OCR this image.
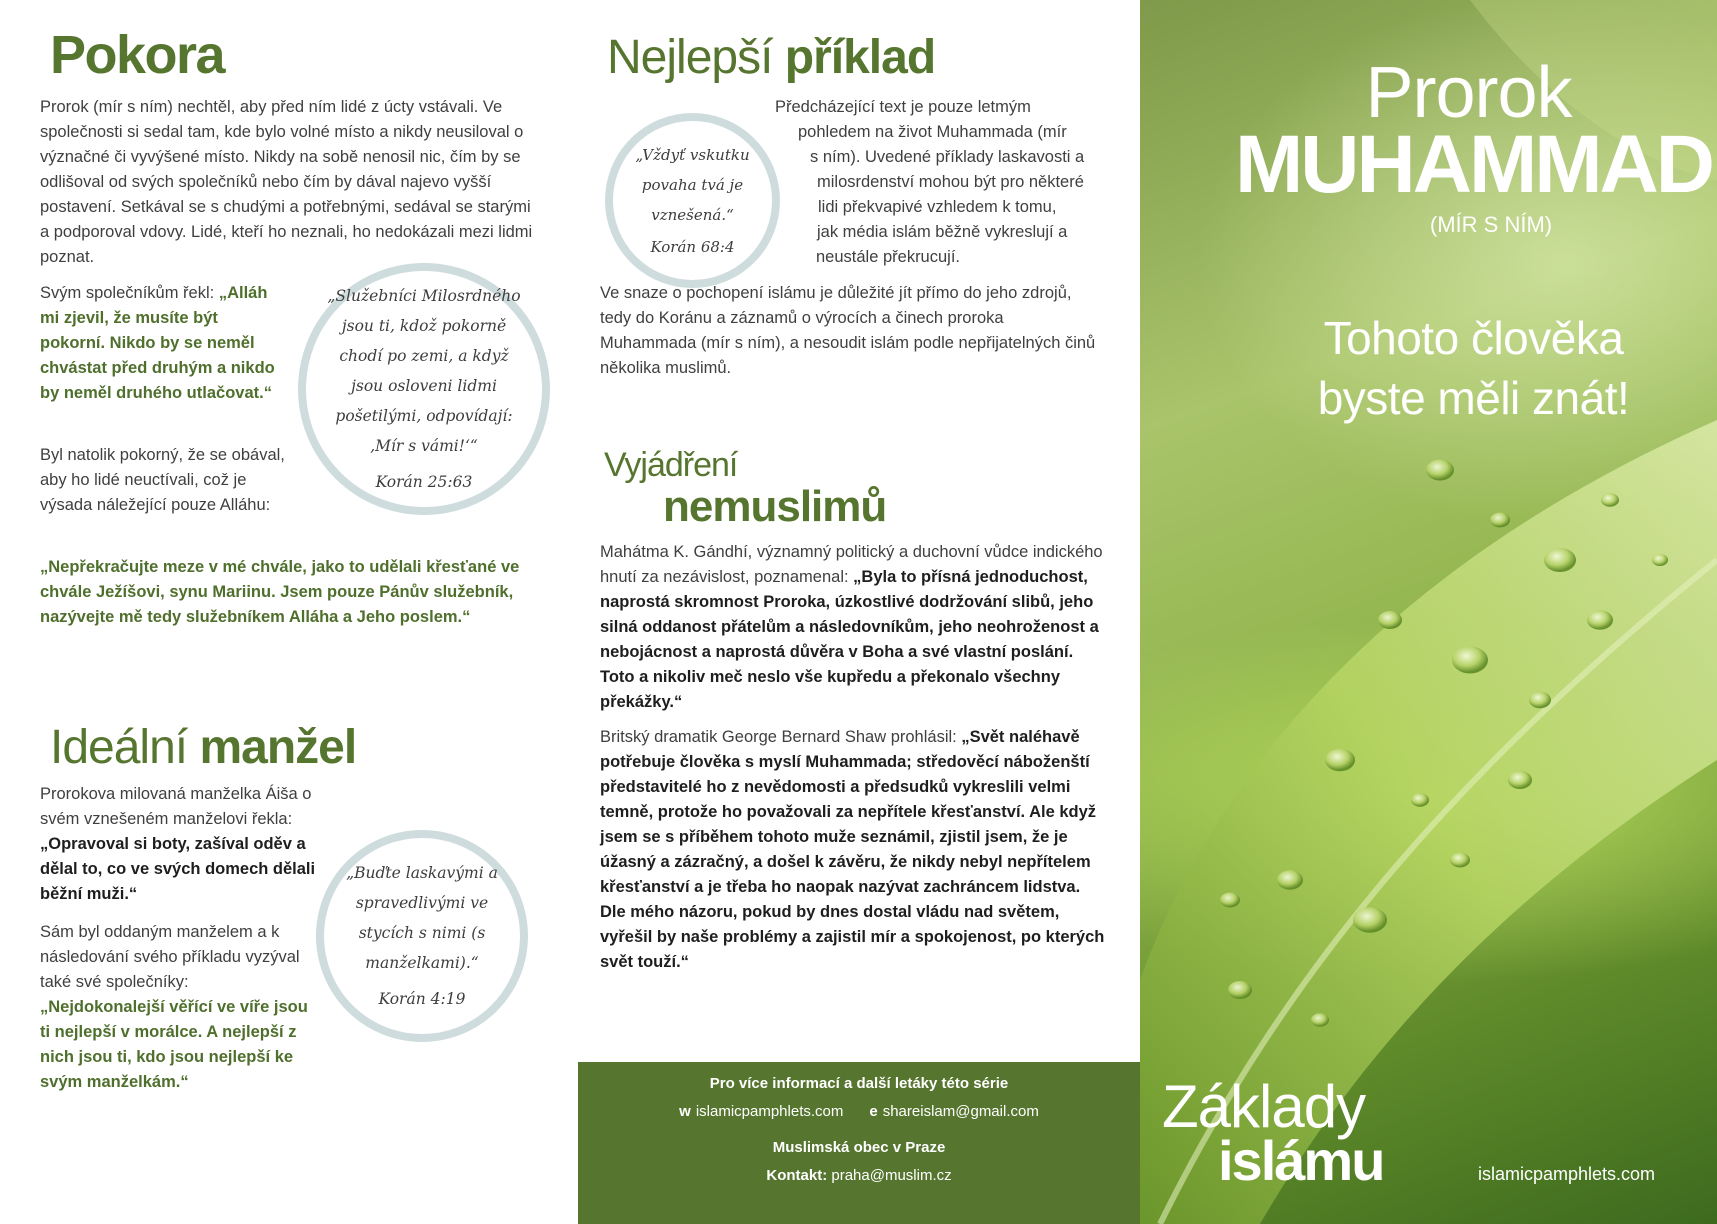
Pokora

Prorok (mír s ním) nechtěl, aby před ním lidé z úcty vstávali. Ve společnosti si sedal tam, kde bylo volné místo a nikdy neusiloval o význačné či vyvýšené místo. Nikdy na sobě nenosil nic, čím by se odlišoval od svých společníků nebo čím by dával najevo vyšší postavení. Setkával se s chudými a potřebnými, sedával se starými a podporoval vdovy. Lidé, kteří ho neznali, ho nedokázali mezi lidmi poznat.

Svým společníkům řekl: „Alláh mi zjevil, že musíte být pokorní. Nikdo by se neměl chvástat před druhým a nikdo by neměl druhého utlačovat.“

Byl natolik pokorný, že se obával, aby ho lidé neuctívali, což je výsada náležející pouze Alláhu:

„Nepřekračujte meze v mé chvále, jako to udělali křesťané ve chvále Ježíšovi, synu Mariinu. Jsem pouze Pánův služebník, nazývejte mě tedy služebníkem Alláha a Jeho poslem.“

„Služebníci Milosrdného jsou ti, kdož pokorně chodí po zemi, a když jsou osloveni lidmi pošetilými, odpovídají: ‚Mír s vámi!‘“
Korán 25:63
Ideální manžel

Prorokova milovaná manželka Áiša o svém vznešeném manželovi řekla: „Opravoval si boty, zašíval oděv a dělal to, co ve svých domech dělali běžní muži.“

Sám byl oddaným manželem a k následování svého příkladu vyzýval také své společníky: „Nejdokonalejší věřící ve víře jsou ti nejlepší v morálce. A nejlepší z nich jsou ti, kdo jsou nejlepší ke svým manželkám.“

„Buďte laskavými a spravedlivými ve stycích s nimi (s manželkami).“
Korán 4:19
Nejlepší příklad

Předcházející text je pouze letmým

pohledem na život Muhammada (mír

s ním). Uvedené příklady laskavosti a

milosrdenství mohou být pro některé

lidi překvapivé vzhledem k tomu,

jak média islám běžně vykreslují a

neustále překrucují.

„Vždyť vskutku povaha tvá je vznešená.“
Korán 68:4

Ve snaze o pochopení islámu je důležité jít přímo do jeho zdrojů, tedy do Koránu a záznamů o výrocích a činech proroka Muhammada (mír s ním), a nesoudit islám podle nepřijatelných činů několika muslimů.

Vyjádření
nemuslimů

Mahátma K. Gándhí, významný politický a duchovní vůdce indického hnutí za nezávislost, poznamenal: „Byla to přísná jednoduchost, naprostá skromnost Proroka, úzkostlivé dodržování slibů, jeho silná oddanost přátelům a následovníkům, jeho neohroženost a nebojácnost a naprostá důvěra v Boha a své vlastní poslání. Toto a nikoliv meč neslo vše kupředu a překonalo všechny překážky.“

Britský dramatik George Bernard Shaw prohlásil: „Svět naléhavě potřebuje člověka s myslí Muhammada; středověcí náboženští představitelé ho z nevědomosti a předsudků vykreslili velmi temně, protože ho považovali za nepřítele křesťanství. Ale když jsem se s příběhem tohoto muže seznámil, zjistil jsem, že je úžasný a zázračný, a došel k závěru, že nikdy nebyl nepřítelem křesťanství a je třeba ho naopak nazývat zachráncem lidstva. Dle mého názoru, pokud by dnes dostal vládu nad světem, vyřešil by naše problémy a zajistil mír a spokojenost, po kterých svět touží.“

Pro více informací a další letáky této série
w islamicpamphlets.com e shareislam@gmail.com
Muslimská obec v Praze
Kontakt: praha@muslim.cz
Prorok
MUHAMMAD
(MÍR S NÍM)
Tohoto člověka
byste měli znát!
Základy
islámu	islamicpamphlets.com
